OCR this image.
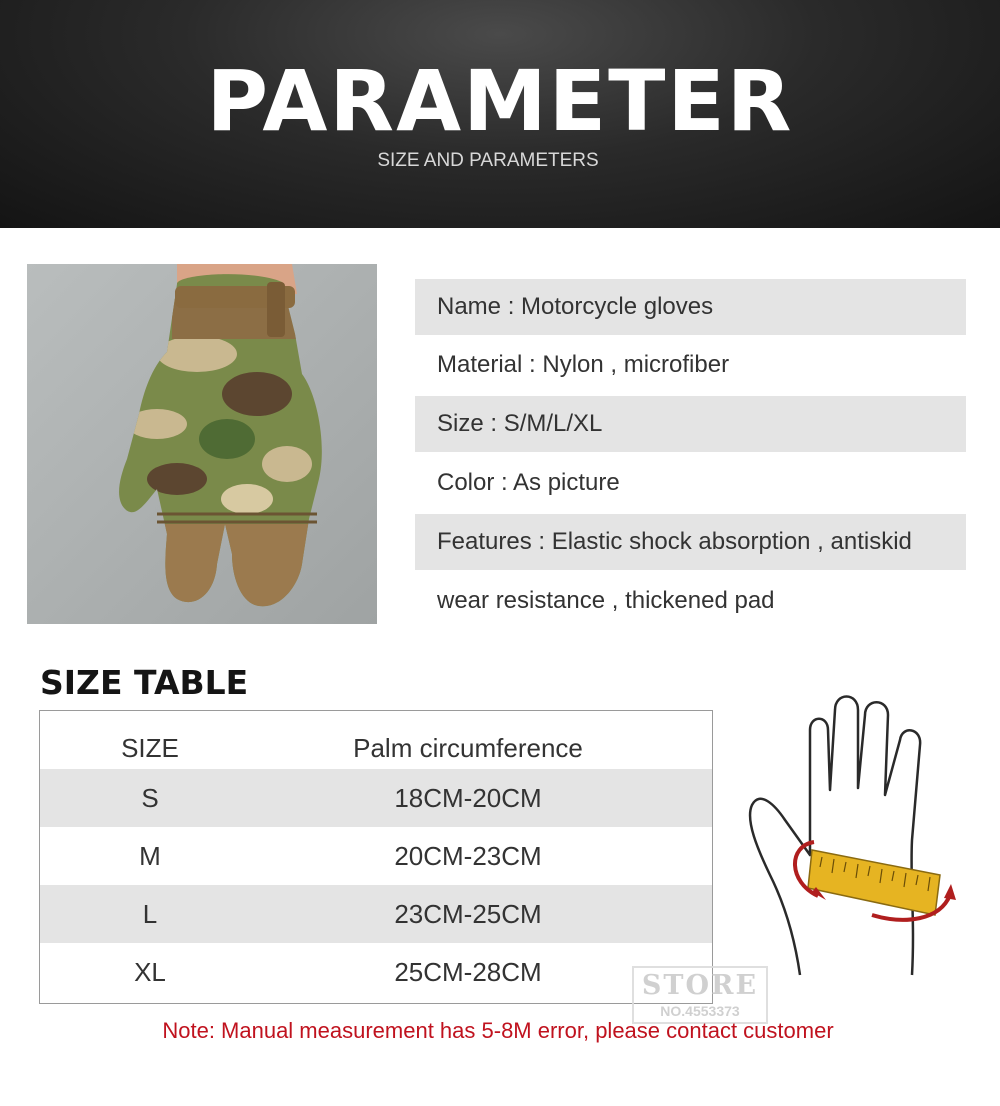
PARAMETER
SIZE AND PARAMETERS
Name : Motorcycle gloves
Material : Nylon , microfiber
Size : S/M/L/XL
Color : As picture
Features : Elastic shock absorption , antiskid
wear resistance , thickened pad
SIZE TABLE
SIZE	Palm circumference
S	18CM-20CM
M	20CM-23CM
L	23CM-25CM
XL	25CM-28CM	STORE
NO.4553373
Note: Manual measurement has 5-8M error, please contact customer
